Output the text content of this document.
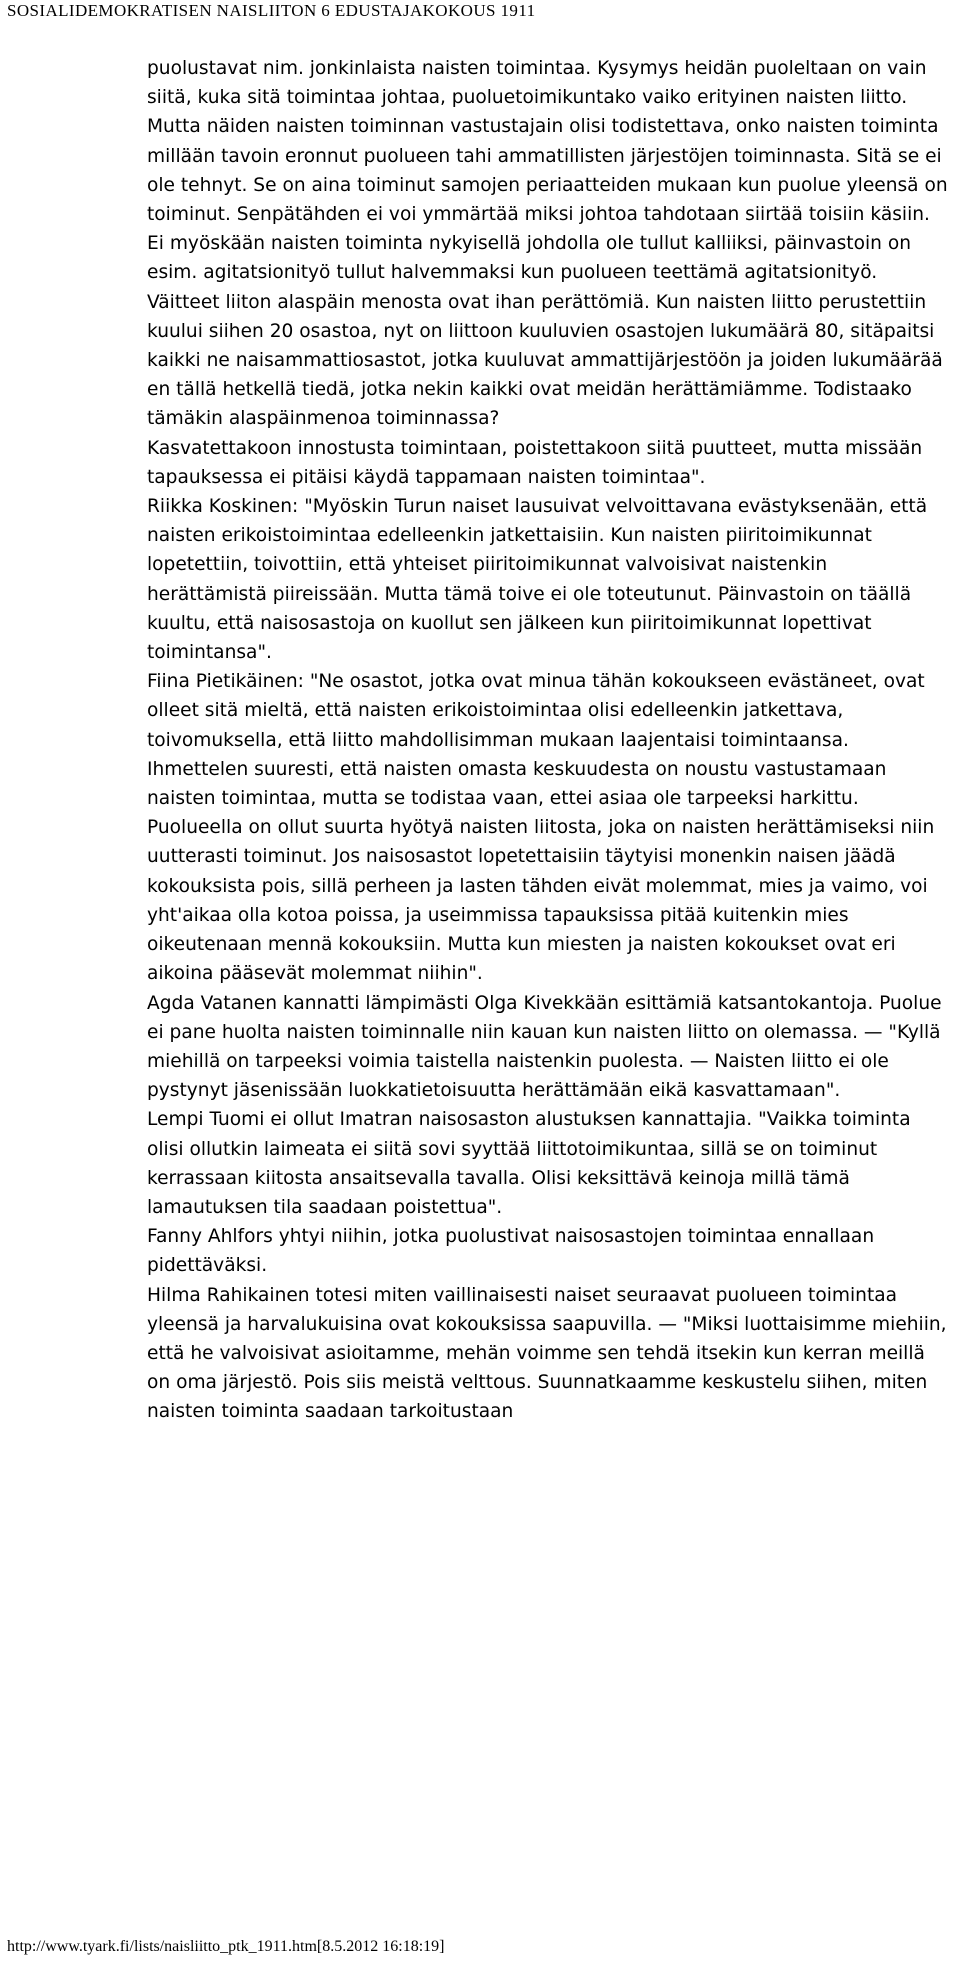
SOSIALIDEMOKRATISEN NAISLIITON 6 EDUSTAJAKOKOUS 1911

puolustavat nim. jonkinlaista naisten toimintaa. Kysymys heidän puoleltaan on vain siitä, kuka sitä toimintaa johtaa, puoluetoimikuntako vaiko erityinen naisten liitto. Mutta näiden naisten toiminnan vastustajain olisi todistettava, onko naisten toiminta millään tavoin eronnut puolueen tahi ammatillisten järjestöjen toiminnasta. Sitä se ei ole tehnyt. Se on aina toiminut samojen periaatteiden mukaan kun puolue yleensä on toiminut. Senpätähden ei voi ymmärtää miksi johtoa tahdotaan siirtää toisiin käsiin. Ei myöskään naisten toiminta nykyisellä johdolla ole tullut kalliiksi, päinvastoin on esim. agitatsionityö tullut halvemmaksi kun puolueen teettämä agitatsionityö. Väitteet liiton alaspäin menosta ovat ihan perättömiä. Kun naisten liitto perustettiin kuului siihen 20 osastoa, nyt on liittoon kuuluvien osastojen lukumäärä 80, sitäpaitsi kaikki ne naisammattiosastot, jotka kuuluvat ammattijärjestöön ja joiden lukumäärää en tällä hetkellä tiedä, jotka nekin kaikki ovat meidän herättämiämme. Todistaako tämäkin alaspäinmenoa toiminnassa?

Kasvatettakoon innostusta toimintaan, poistettakoon siitä puutteet, mutta missään tapauksessa ei pitäisi käydä tappamaan naisten toimintaa".

Riikka Koskinen: "Myöskin Turun naiset lausuivat velvoittavana evästyksenään, että naisten erikoistoimintaa edelleenkin jatkettaisiin. Kun naisten piiritoimikunnat lopetettiin, toivottiin, että yhteiset piiritoimikunnat valvoisivat naistenkin herättämistä piireissään. Mutta tämä toive ei ole toteutunut. Päinvastoin on täällä kuultu, että naisosastoja on kuollut sen jälkeen kun piiritoimikunnat lopettivat toimintansa".

Fiina Pietikäinen: "Ne osastot, jotka ovat minua tähän kokoukseen evästäneet, ovat olleet sitä mieltä, että naisten erikoistoimintaa olisi edelleenkin jatkettava, toivomuksella, että liitto mahdollisimman mukaan laajentaisi toimintaansa. Ihmettelen suuresti, että naisten omasta keskuudesta on noustu vastustamaan naisten toimintaa, mutta se todistaa vaan, ettei asiaa ole tarpeeksi harkittu. Puolueella on ollut suurta hyötyä naisten liitosta, joka on naisten herättämiseksi niin uutterasti toiminut. Jos naisosastot lopetettaisiin täytyisi monenkin naisen jäädä kokouksista pois, sillä perheen ja lasten tähden eivät molemmat, mies ja vaimo, voi yht'aikaa olla kotoa poissa, ja useimmissa tapauksissa pitää kuitenkin mies oikeutenaan mennä kokouksiin. Mutta kun miesten ja naisten kokoukset ovat eri aikoina pääsevät molemmat niihin".

Agda Vatanen kannatti lämpimästi Olga Kivekkään esittämiä katsantokantoja. Puolue ei pane huolta naisten toiminnalle niin kauan kun naisten liitto on olemassa. — "Kyllä miehillä on tarpeeksi voimia taistella naistenkin puolesta. — Naisten liitto ei ole pystynyt jäsenissään luokkatietoisuutta herättämään eikä kasvattamaan".

Lempi Tuomi ei ollut Imatran naisosaston alustuksen kannattajia. "Vaikka toiminta olisi ollutkin laimeata ei siitä sovi syyttää liittotoimikuntaa, sillä se on toiminut kerrassaan kiitosta ansaitsevalla tavalla. Olisi keksittävä keinoja millä tämä lamautuksen tila saadaan poistettua".

Fanny Ahlfors yhtyi niihin, jotka puolustivat naisosastojen toimintaa ennallaan pidettäväksi.

Hilma Rahikainen totesi miten vaillinaisesti naiset seuraavat puolueen toimintaa yleensä ja harvalukuisina ovat kokouksissa saapuvilla. — "Miksi luottaisimme miehiin, että he valvoisivat asioitamme, mehän voimme sen tehdä itsekin kun kerran meillä on oma järjestö. Pois siis meistä velttous. Suunnatkaamme keskustelu siihen, miten naisten toiminta saadaan tarkoitustaan

http://www.tyark.fi/lists/naisliitto_ptk_1911.htm[8.5.2012 16:18:19]
